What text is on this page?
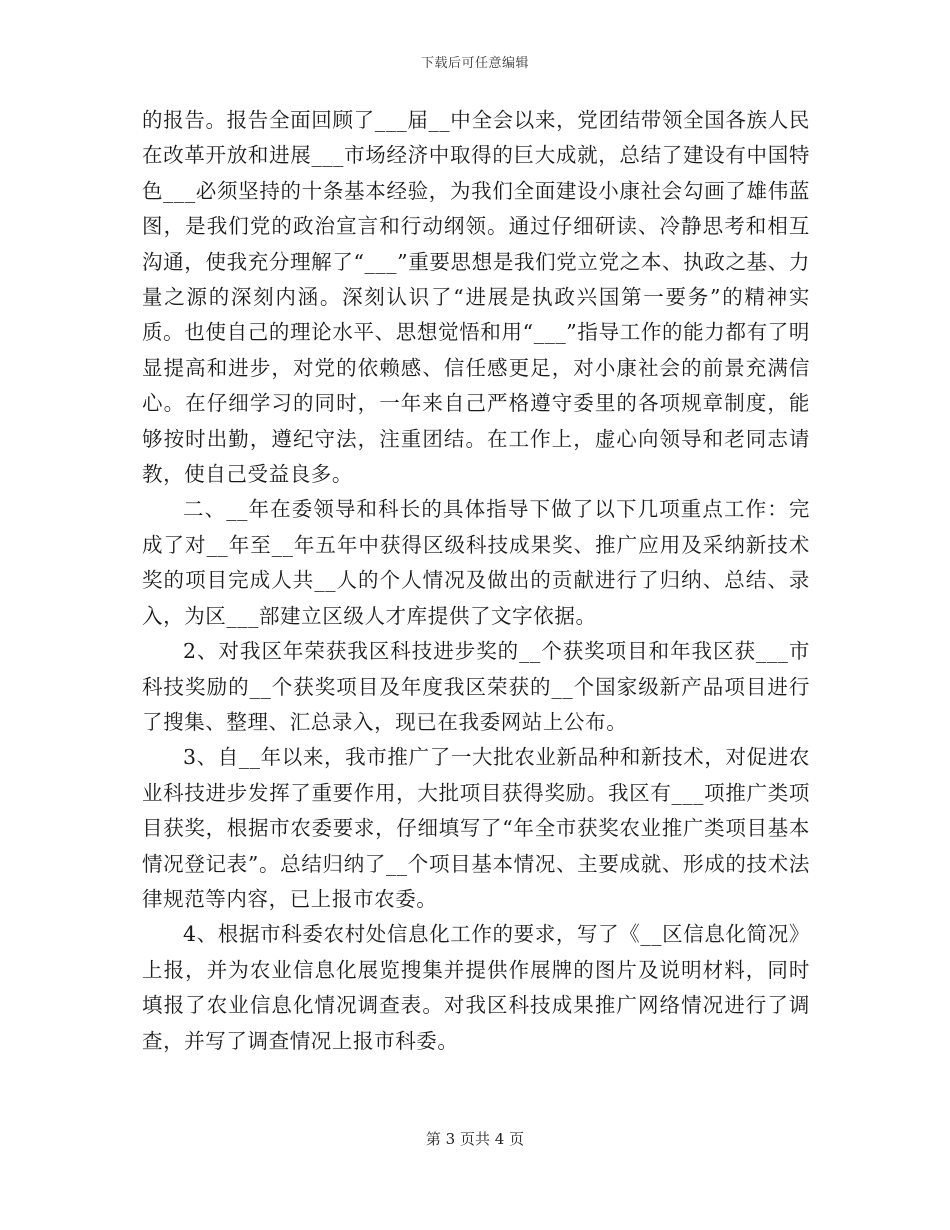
下载后可任意编辑

的报告。报告全面回顾了___届__中全会以来，党团结带领全国各族人民在改革开放和进展___市场经济中取得的巨大成就，总结了建设有中国特色___必须坚持的十条基本经验，为我们全面建设小康社会勾画了雄伟蓝图，是我们党的政治宣言和行动纲领。通过仔细研读、冷静思考和相互沟通，使我充分理解了“___”重要思想是我们党立党之本、执政之基、力量之源的深刻内涵。深刻认识了“进展是执政兴国第一要务”的精神实质。也使自己的理论水平、思想觉悟和用“___”指导工作的能力都有了明显提高和进步，对党的依赖感、信任感更足，对小康社会的前景充满信心。在仔细学习的同时，一年来自己严格遵守委里的各项规章制度，能够按时出勤，遵纪守法，注重团结。在工作上，虚心向领导和老同志请教，使自己受益良多。

二、__年在委领导和科长的具体指导下做了以下几项重点工作：完成了对__年至__年五年中获得区级科技成果奖、推广应用及采纳新技术奖的项目完成人共__人的个人情况及做出的贡献进行了归纳、总结、录入，为区___部建立区级人才库提供了文字依据。

2、对我区年荣获我区科技进步奖的__个获奖项目和年我区获___市科技奖励的__个获奖项目及年度我区荣获的__个国家级新产品项目进行了搜集、整理、汇总录入，现已在我委网站上公布。

3、自__年以来，我市推广了一大批农业新品种和新技术，对促进农业科技进步发挥了重要作用，大批项目获得奖励。我区有___项推广类项目获奖，根据市农委要求，仔细填写了“年全市获奖农业推广类项目基本情况登记表”。总结归纳了__个项目基本情况、主要成就、形成的技术法律规范等内容，已上报市农委。

4、根据市科委农村处信息化工作的要求，写了《__区信息化简况》上报，并为农业信息化展览搜集并提供作展牌的图片及说明材料，同时填报了农业信息化情况调查表。对我区科技成果推广网络情况进行了调查，并写了调查情况上报市科委。

第 3 页共 4 页
